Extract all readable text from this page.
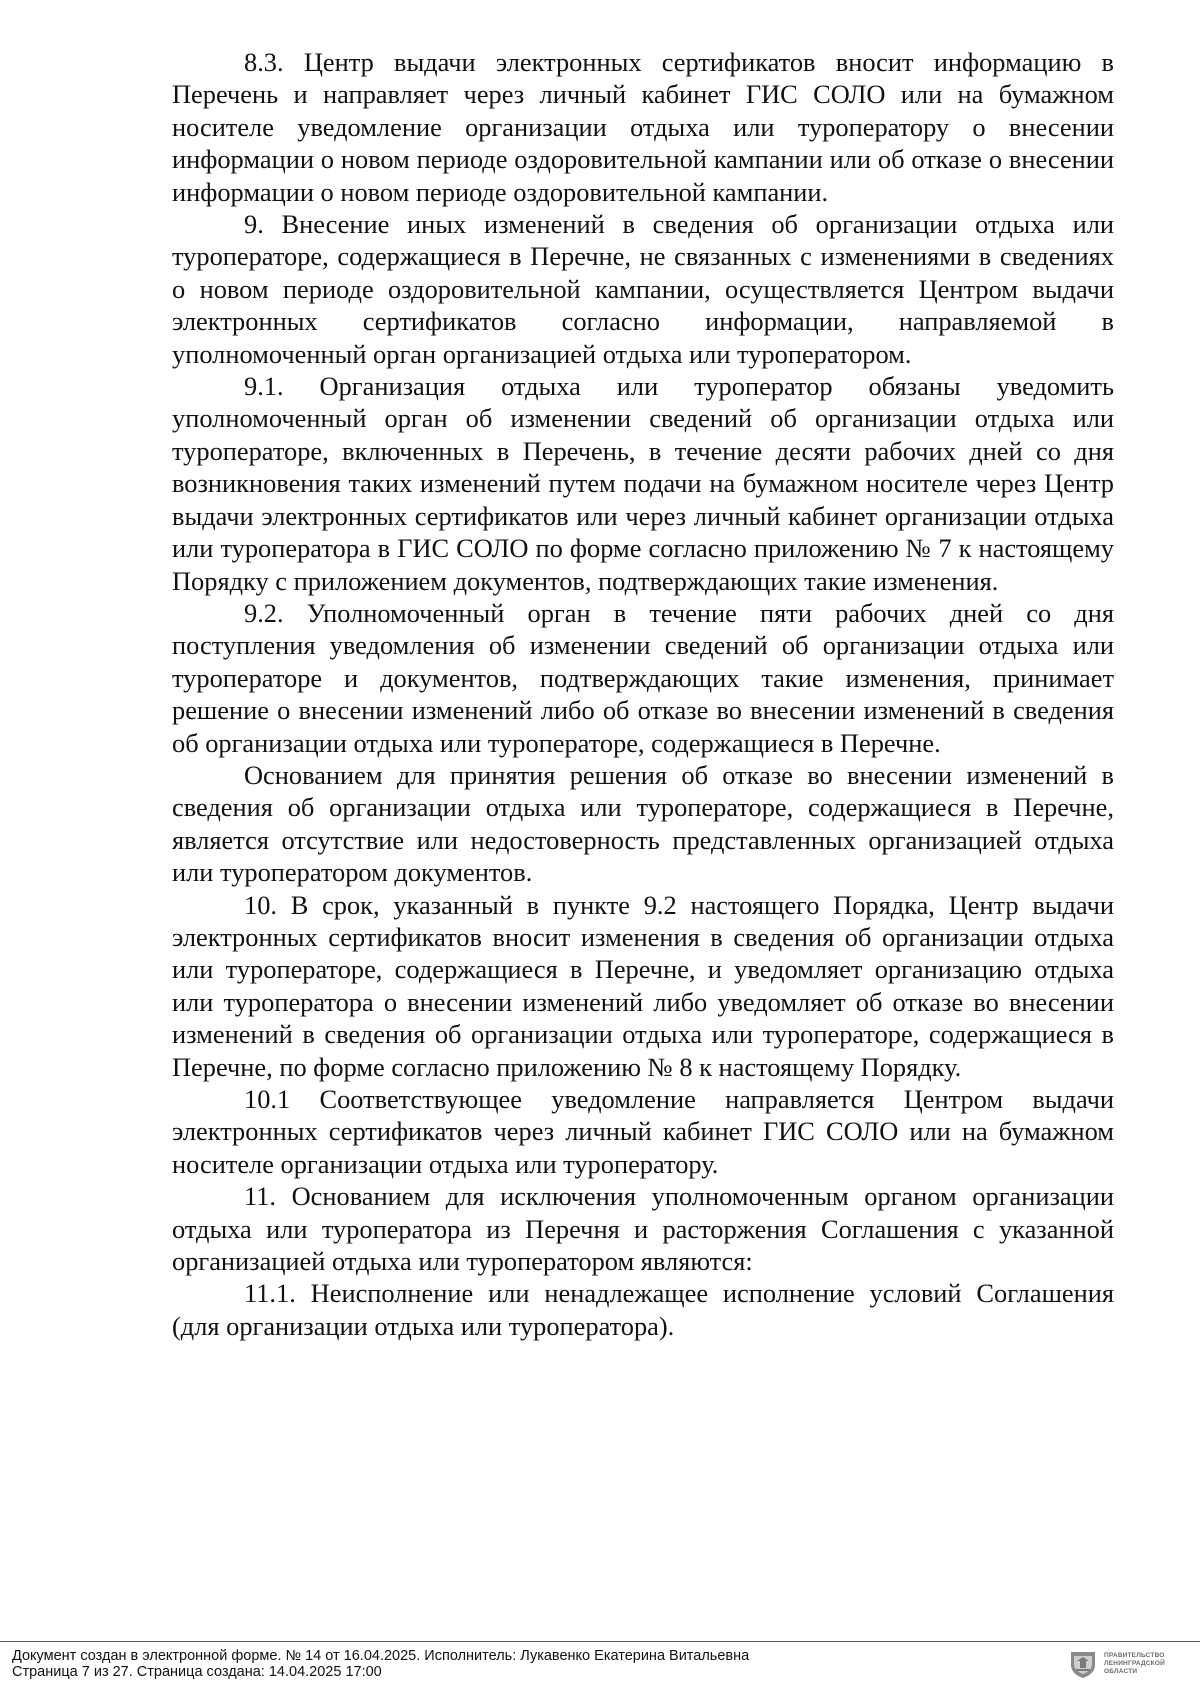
8.3. Центр выдачи электронных сертификатов вносит информацию в Перечень и направляет через личный кабинет ГИС СОЛО или на бумажном носителе уведомление организации отдыха или туроператору о внесении информации о новом периоде оздоровительной кампании или об отказе о внесении информации о новом периоде оздоровительной кампании.

9. Внесение иных изменений в сведения об организации отдыха или туроператоре, содержащиеся в Перечне, не связанных с изменениями в сведениях о новом периоде оздоровительной кампании, осуществляется Центром выдачи электронных сертификатов согласно информации, направляемой в уполномоченный орган организацией отдыха или туроператором.

9.1. Организация отдыха или туроператор обязаны уведомить уполномоченный орган об изменении сведений об организации отдыха или туроператоре, включенных в Перечень, в течение десяти рабочих дней со дня возникновения таких изменений путем подачи на бумажном носителе через Центр выдачи электронных сертификатов или через личный кабинет организации отдыха или туроператора в ГИС СОЛО по форме согласно приложению № 7 к настоящему Порядку с приложением документов, подтверждающих такие изменения.

9.2. Уполномоченный орган в течение пяти рабочих дней со дня поступления уведомления об изменении сведений об организации отдыха или туроператоре и документов, подтверждающих такие изменения, принимает решение о внесении изменений либо об отказе во внесении изменений в сведения об организации отдыха или туроператоре, содержащиеся в Перечне.

Основанием для принятия решения об отказе во внесении изменений в сведения об организации отдыха или туроператоре, содержащиеся в Перечне, является отсутствие или недостоверность представленных организацией отдыха или туроператором документов.

10. В срок, указанный в пункте 9.2 настоящего Порядка, Центр выдачи электронных сертификатов вносит изменения в сведения об организации отдыха или туроператоре, содержащиеся в Перечне, и уведомляет организацию отдыха или туроператора о внесении изменений либо уведомляет об отказе во внесении изменений в сведения об организации отдыха или туроператоре, содержащиеся в Перечне, по форме согласно приложению № 8 к настоящему Порядку.

10.1 Соответствующее уведомление направляется Центром выдачи электронных сертификатов через личный кабинет ГИС СОЛО или на бумажном носителе организации отдыха или туроператору.

11. Основанием для исключения уполномоченным органом организации отдыха или туроператора из Перечня и расторжения Соглашения с указанной организацией отдыха или туроператором являются:

11.1. Неисполнение или ненадлежащее исполнение условий Соглашения (для организации отдыха или туроператора).

Документ создан в электронной форме. № 14 от 16.04.2025. Исполнитель: Лукавенко Екатерина Витальевна
Страница 7 из 27. Страница создана: 14.04.2025 17:00
ПРАВИТЕЛЬСТВО
ЛЕНИНГРАДСКОЙ
ОБЛАСТИ
